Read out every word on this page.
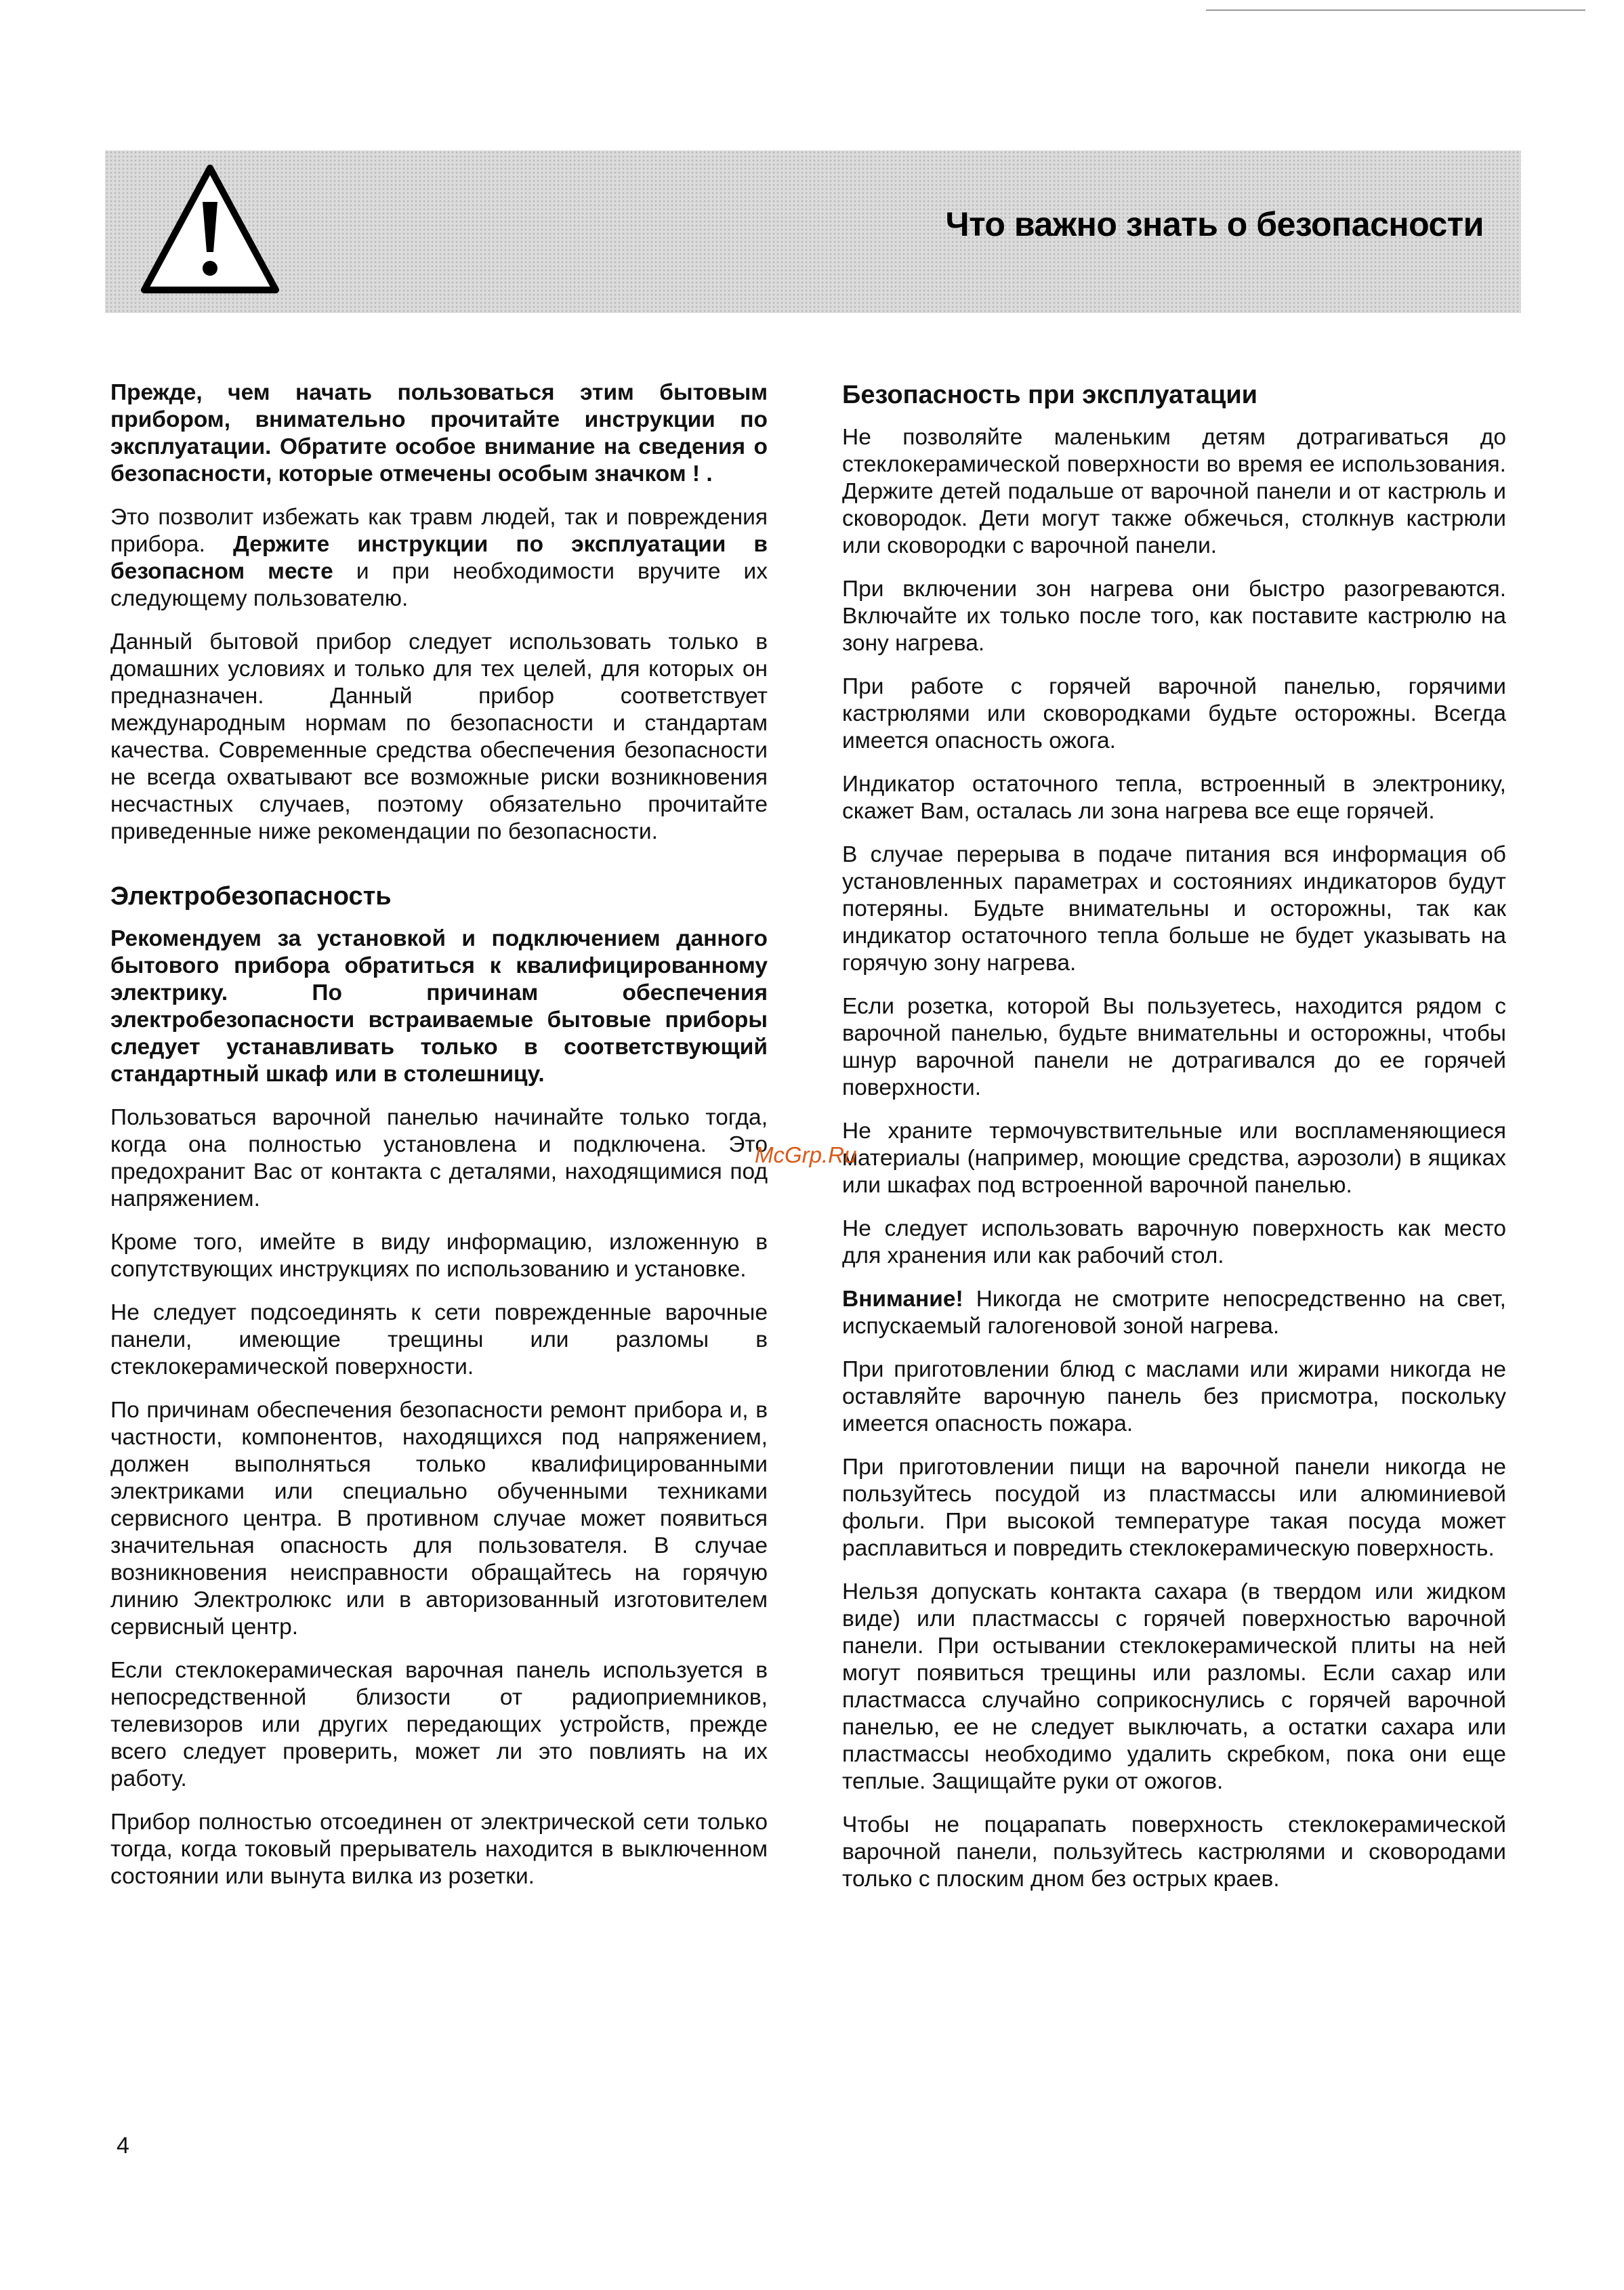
Что важно знать о безопасности

Прежде, чем начать пользоваться этим бытовым прибором, внимательно прочитайте инструкции по эксплуатации. Обратите особое внимание на сведения о безопасности, которые отмечены особым значком ! .

Это позволит избежать как травм людей, так и повреждения прибора. Держите инструкции по эксплуатации в безопасном месте и при необходимости вручите их следующему пользователю.

Данный бытовой прибор следует использовать только в домашних условиях и только для тех целей, для которых он предназначен. Данный прибор соответствует международным нормам по безопасности и стандартам качества. Современные средства обеспечения безопасности не всегда охватывают все возможные риски возникновения несчастных случаев, поэтому обязательно прочитайте приведенные ниже рекомендации по безопасности.

Электробезопасность

Рекомендуем за установкой и подключением данного бытового прибора обратиться к квалифицированному электрику. По причинам обеспечения электробезопасности встраиваемые бытовые приборы следует устанавливать только в соответствующий стандартный шкаф или в столешницу.

Пользоваться варочной панелью начинайте только тогда, когда она полностью установлена и подключена. Это предохранит Вас от контакта с деталями, находящимися под напряжением.

Кроме того, имейте в виду информацию, изложенную в сопутствующих инструкциях по использованию и установке.

Не следует подсоединять к сети поврежденные варочные панели, имеющие трещины или разломы в стеклокерамической поверхности.

По причинам обеспечения безопасности ремонт прибора и, в частности, компонентов, находящихся под напряжением, должен выполняться только квалифицированными электриками или специально обученными техниками сервисного центра. В противном случае может появиться значительная опасность для пользователя. В случае возникновения неисправности обращайтесь на горячую линию Электролюкс или в авторизованный изготовителем сервисный центр.

Если стеклокерамическая варочная панель используется в непосредственной близости от радиоприемников, телевизоров или других передающих устройств, прежде всего следует проверить, может ли это повлиять на их работу.

Прибор полностью отсоединен от электрической сети только тогда, когда токовый прерыватель находится в выключенном состоянии или вынута вилка из розетки.

Безопасность при эксплуатации

Не позволяйте маленьким детям дотрагиваться до стеклокерамической поверхности во время ее использования. Держите детей подальше от варочной панели и от кастрюль и сковородок. Дети могут также обжечься, столкнув кастрюли или сковородки с варочной панели.

При включении зон нагрева они быстро разогреваются. Включайте их только после того, как поставите кастрюлю на зону нагрева.

При работе с горячей варочной панелью, горячими кастрюлями или сковородками будьте осторожны. Всегда имеется опасность ожога.

Индикатор остаточного тепла, встроенный в электронику, скажет Вам, осталась ли зона нагрева все еще горячей.

В случае перерыва в подаче питания вся информация об установленных параметрах и состояниях индикаторов будут потеряны. Будьте внимательны и осторожны, так как индикатор остаточного тепла больше не будет указывать на горячую зону нагрева.

Если розетка, которой Вы пользуетесь, находится рядом с варочной панелью, будьте внимательны и осторожны, чтобы шнур варочной панели не дотрагивался до ее горячей поверхности.

Не храните термочувствительные или воспламеняющиеся материалы (например, моющие средства, аэрозоли) в ящиках или шкафах под встроенной варочной панелью.

Не следует использовать варочную поверхность как место для хранения или как рабочий стол.

Внимание! Никогда не смотрите непосредственно на свет, испускаемый галогеновой зоной нагрева.

При приготовлении блюд с маслами или жирами никогда не оставляйте варочную панель без присмотра, поскольку имеется опасность пожара.

При приготовлении пищи на варочной панели никогда не пользуйтесь посудой из пластмассы или алюминиевой фольги. При высокой температуре такая посуда может расплавиться и повредить стеклокерамическую поверхность.

Нельзя допускать контакта сахара (в твердом или жидком виде) или пластмассы с горячей поверхностью варочной панели. При остывании стеклокерамической плиты на ней могут появиться трещины или разломы. Если сахар или пластмасса случайно соприкоснулись с горячей варочной панелью, ее не следует выключать, а остатки сахара или пластмассы необходимо удалить скребком, пока они еще теплые. Защищайте руки от ожогов.

Чтобы не поцарапать поверхность стеклокерамической варочной панели, пользуйтесь кастрюлями и сковородами только с плоским дном без острых краев.

McGrp.Ru
4
